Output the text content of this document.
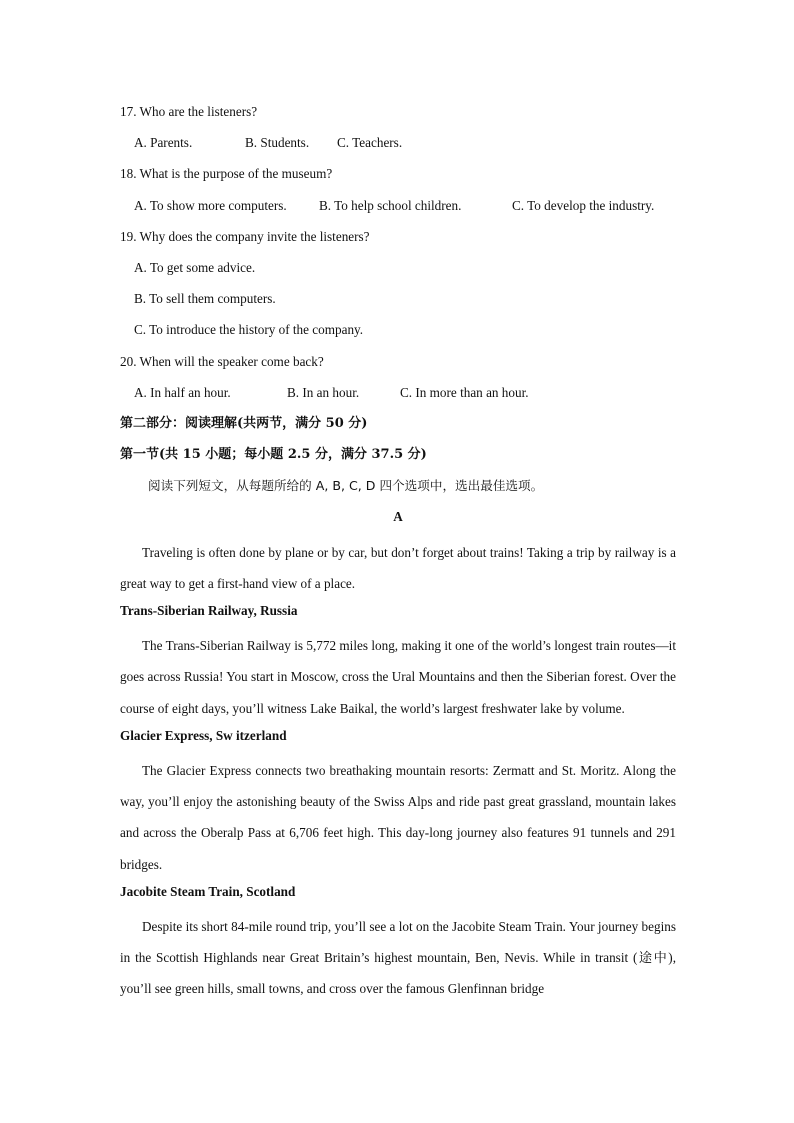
17. Who are the listeners?
A. Parents.	B. Students. C. Teachers.
18. What is the purpose of the museum?
A. To show more computers. B. To help school children.	C. To develop the industry.
19. Why does the company invite the listeners?
A. To get some advice.
B. To sell them computers.
C. To introduce the history of the company.
20. When will the speaker come back?
A. In half an hour.	B. In an hour.	C. In more than an hour.
第二部分：阅读理解(共两节，满分 50 分)
第一节(共 15 小题；每小题 2.5 分，满分 37.5 分)
阅读下列短文，从每题所给的 A, B, C, D 四个选项中，选出最佳选项。
A
Traveling is often done by plane or by car, but don’t forget about trains! Taking a trip by railway is a great way to get a first-hand view of a place.
Trans-Siberian Railway, Russia
The Trans-Siberian Railway is 5,772 miles long, making it one of the world’s longest train routes—it goes across Russia! You start in Moscow, cross the Ural Mountains and then the Siberian forest. Over the course of eight days, you’ll witness Lake Baikal, the world’s largest freshwater lake by volume.
Glacier Express, Sw itzerland
The Glacier Express connects two breathaking mountain resorts: Zermatt and St. Moritz. Along the way, you’ll enjoy the astonishing beauty of the Swiss Alps and ride past great grassland, mountain lakes and across the Oberalp Pass at 6,706 feet high. This day-long journey also features 91 tunnels and 291 bridges.
Jacobite Steam Train, Scotland
Despite its short 84-mile round trip, you’ll see a lot on the Jacobite Steam Train. Your journey begins in the Scottish Highlands near Great Britain’s highest mountain, Ben, Nevis. While in transit (途中), you’ll see green hills, small towns, and cross over the famous Glenfinnan bridge
